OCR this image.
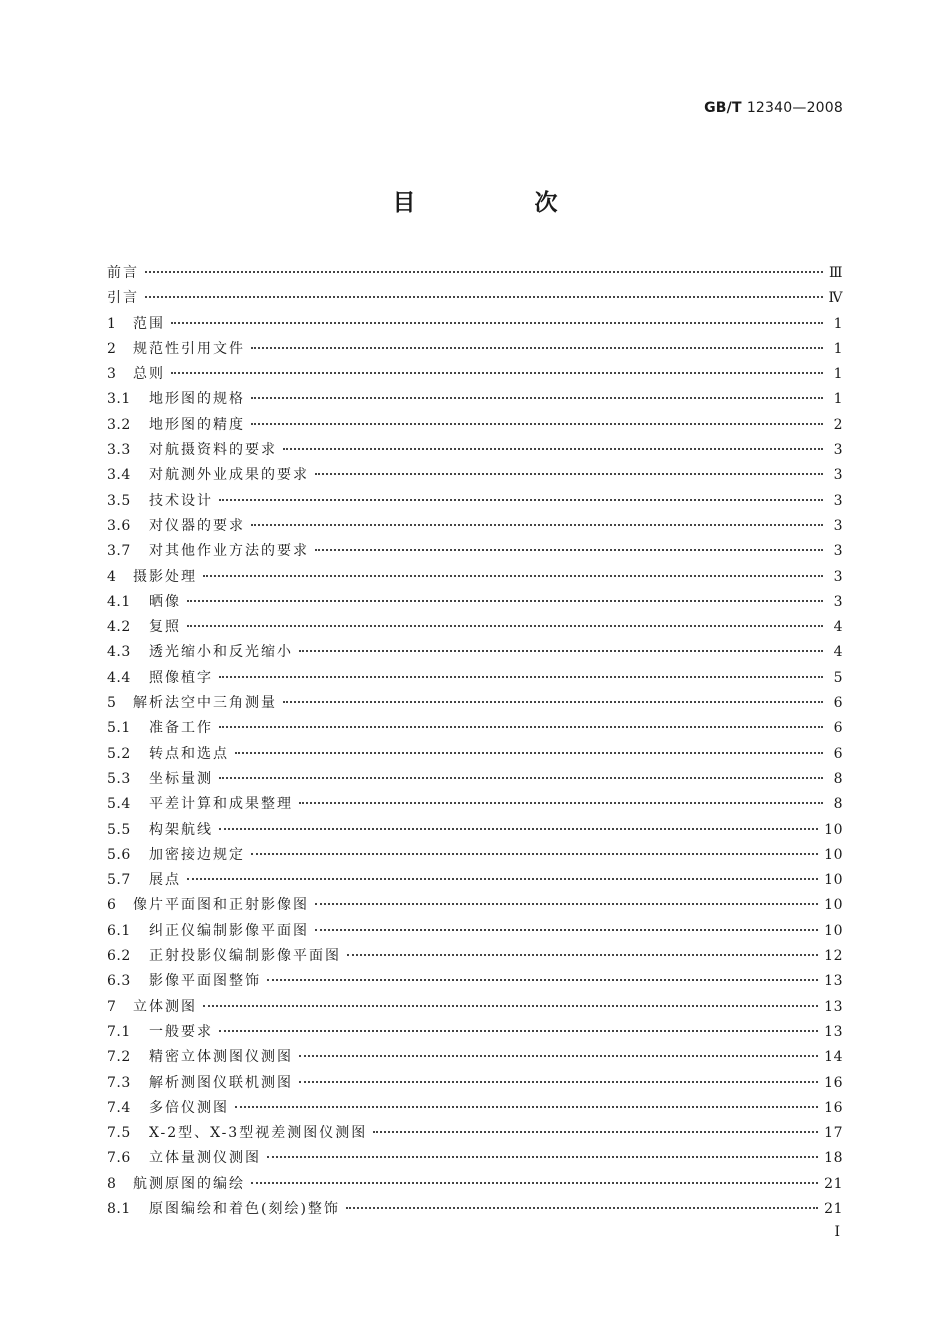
GB/T 12340—2008
目　次
前言	Ⅲ
引言	Ⅳ
1	范围	1
2	规范性引用文件	1
3	总则	1
3.1	地形图的规格	1
3.2	地形图的精度	2
3.3	对航摄资料的要求	3
3.4	对航测外业成果的要求	3
3.5	技术设计	3
3.6	对仪器的要求	3
3.7	对其他作业方法的要求	3
4	摄影处理	3
4.1	晒像	3
4.2	复照	4
4.3	透光缩小和反光缩小	4
4.4	照像植字	5
5	解析法空中三角测量	6
5.1	准备工作	6
5.2	转点和选点	6
5.3	坐标量测	8
5.4	平差计算和成果整理	8
5.5	构架航线	10
5.6	加密接边规定	10
5.7	展点	10
6	像片平面图和正射影像图	10
6.1	纠正仪编制影像平面图	10
6.2	正射投影仪编制影像平面图	12
6.3	影像平面图整饰	13
7	立体测图	13
7.1	一般要求	13
7.2	精密立体测图仪测图	14
7.3	解析测图仪联机测图	16
7.4	多倍仪测图	16
7.5	X-2型、X-3型视差测图仪测图	17
7.6	立体量测仪测图	18
8	航测原图的编绘	21
8.1	原图编绘和着色(刻绘)整饰	21
I
